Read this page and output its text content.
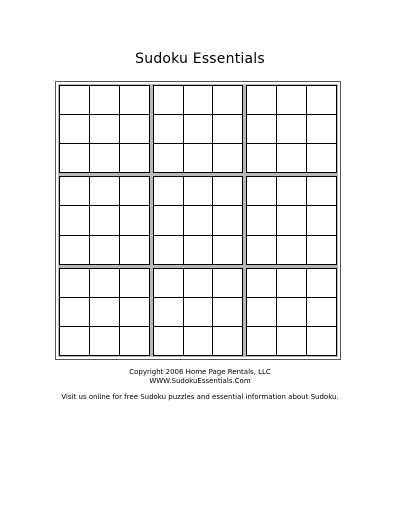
Sudoku Essentials
Copyright 2006 Home Page Rentals, LLC
WWW.SudokuEssentials.Com
Visit us online for free Sudoku puzzles and essential information about Sudoku.
